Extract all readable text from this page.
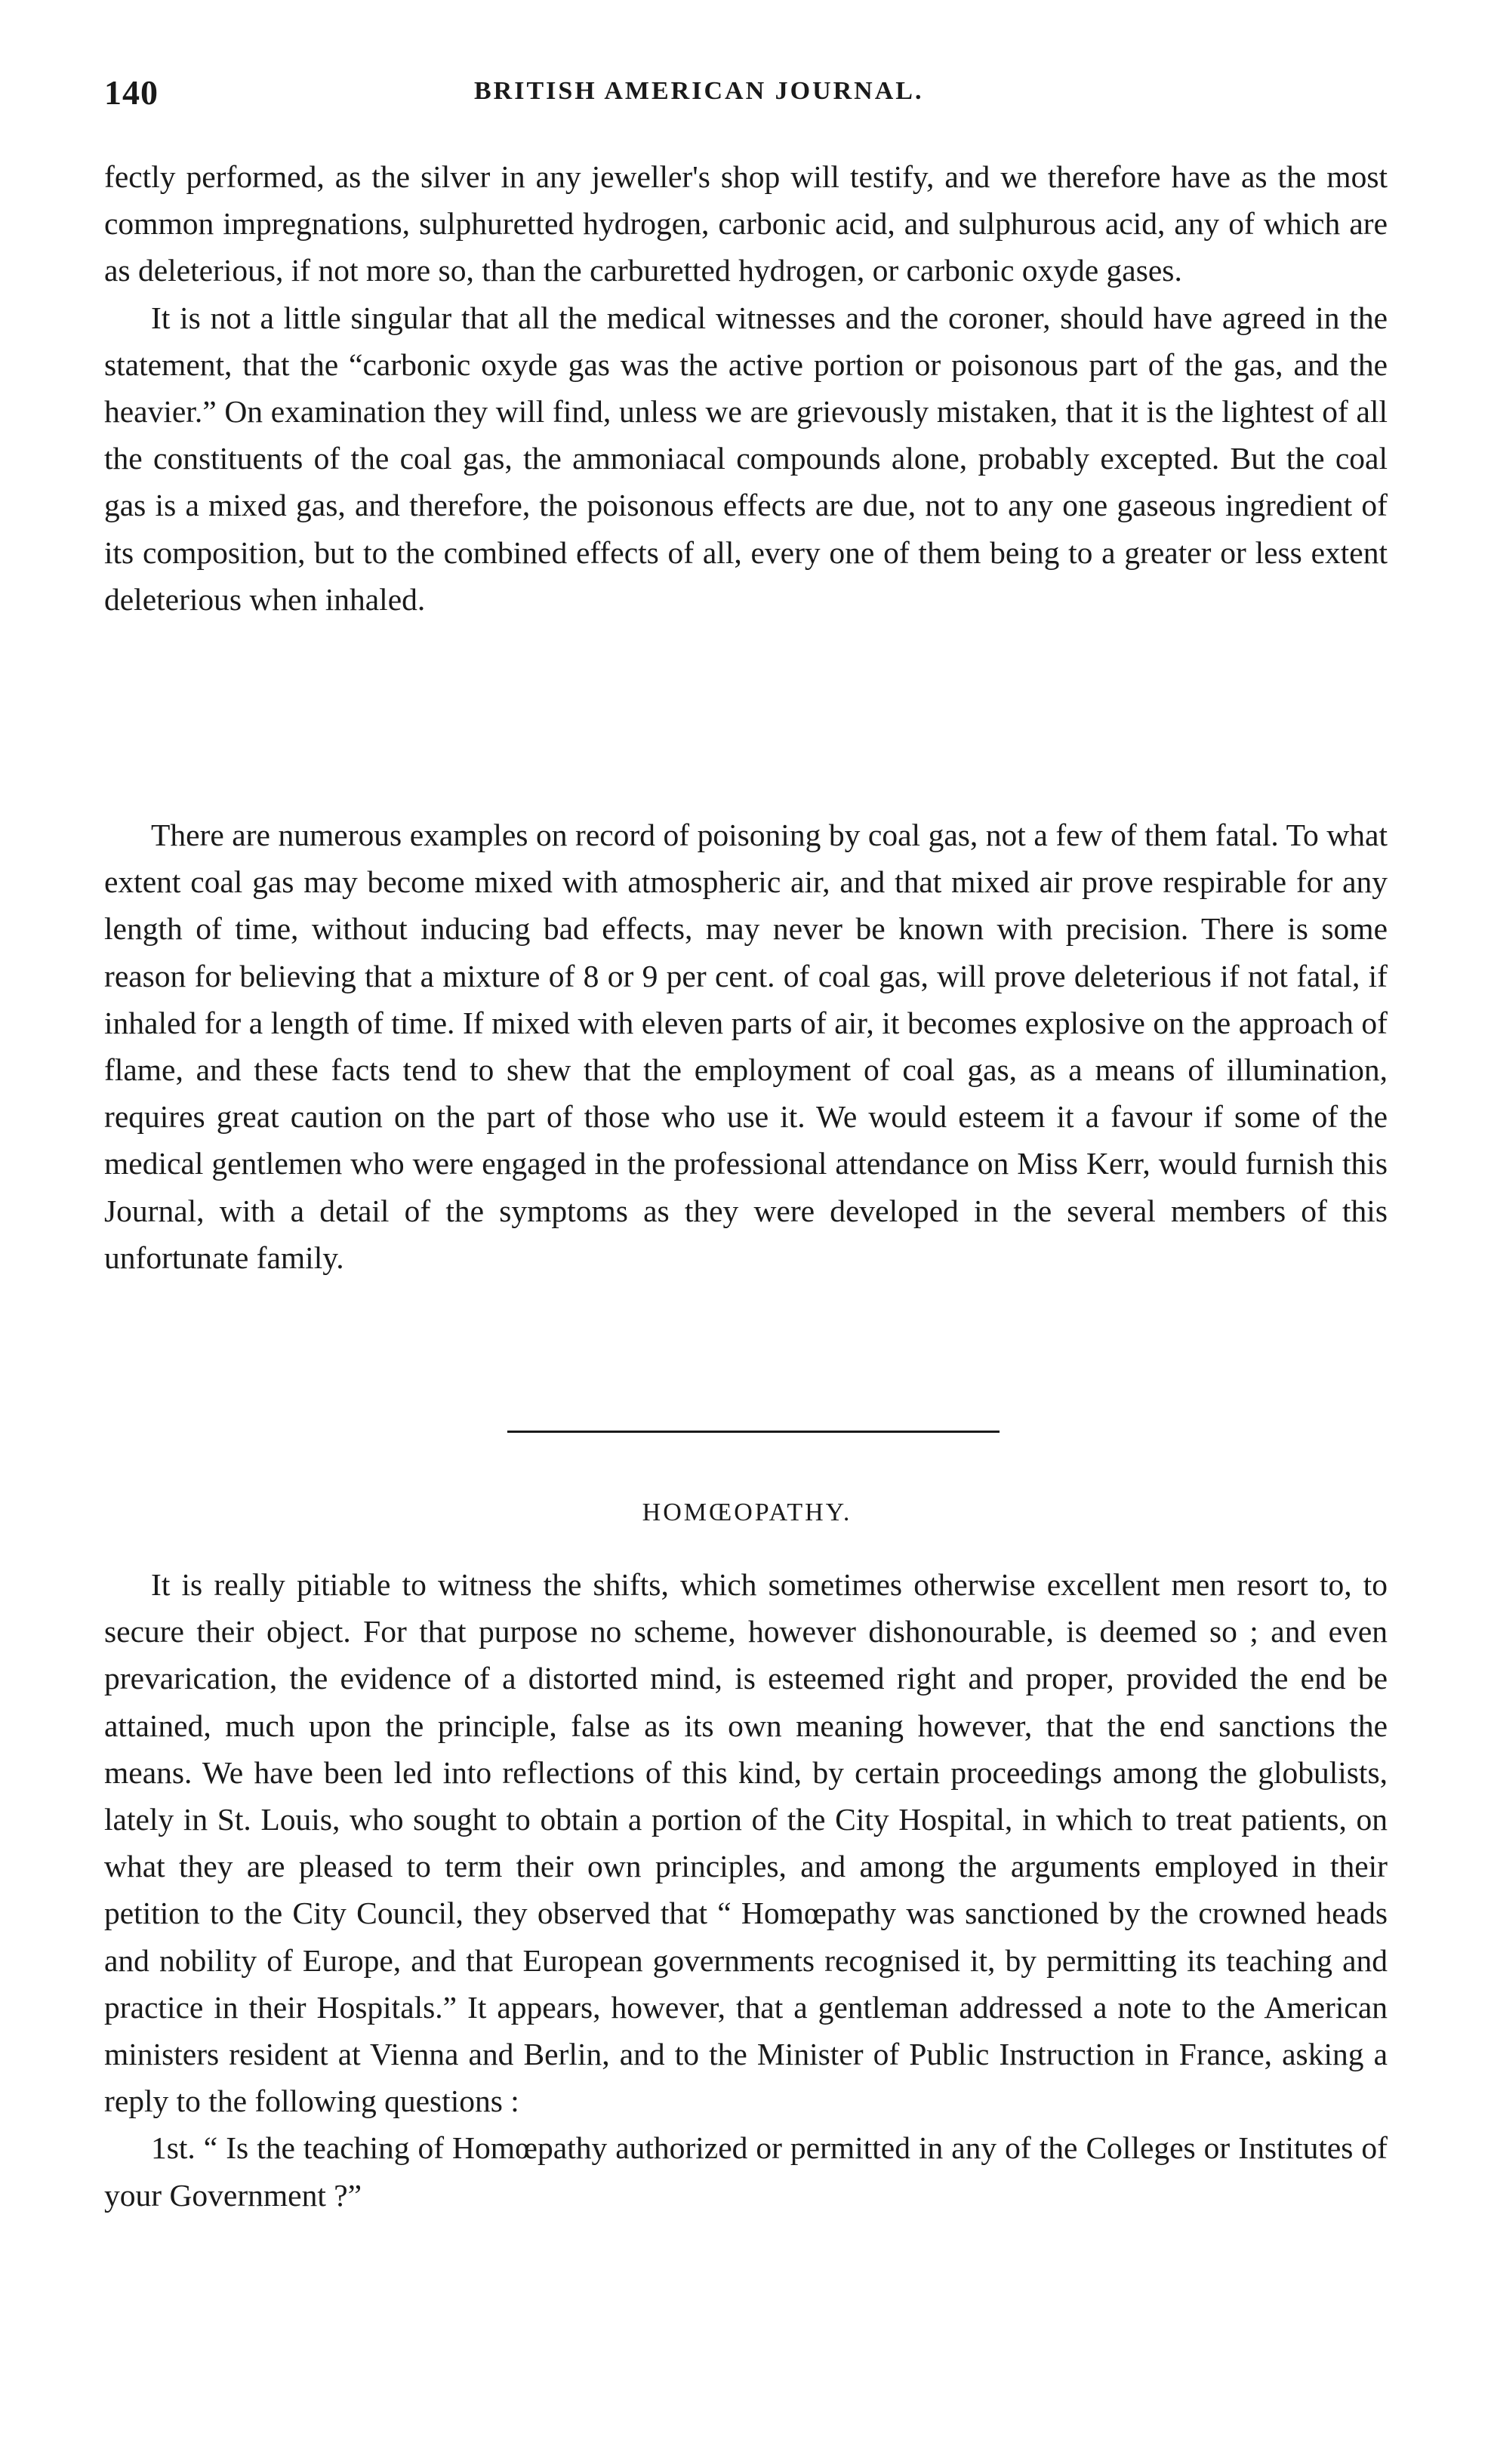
140	BRITISH AMERICAN JOURNAL.

fectly performed, as the silver in any jeweller's shop will testify, and we therefore have as the most common impregnations, sulphuretted hydrogen, carbonic acid, and sulphurous acid, any of which are as deleterious, if not more so, than the carburetted hydrogen, or carbonic oxyde gases.

It is not a little singular that all the medical witnesses and the coroner, should have agreed in the statement, that the “carbonic oxyde gas was the active portion or poisonous part of the gas, and the heavier.” On examination they will find, unless we are grievously mistaken, that it is the lightest of all the constituents of the coal gas, the ammoniacal compounds alone, probably excepted. But the coal gas is a mixed gas, and therefore, the poisonous effects are due, not to any one gaseous ingredient of its composition, but to the combined effects of all, every one of them being to a greater or less extent deleterious when inhaled.

There are numerous examples on record of poisoning by coal gas, not a few of them fatal. To what extent coal gas may become mixed with atmospheric air, and that mixed air prove respirable for any length of time, without inducing bad effects, may never be known with precision. There is some reason for believing that a mixture of 8 or 9 per cent. of coal gas, will prove deleterious if not fatal, if inhaled for a length of time. If mixed with eleven parts of air, it becomes explosive on the approach of flame, and these facts tend to shew that the employment of coal gas, as a means of illumination, requires great caution on the part of those who use it. We would esteem it a favour if some of the medical gentlemen who were engaged in the professional attendance on Miss Kerr, would furnish this Journal, with a detail of the symptoms as they were developed in the several members of this unfortunate family.

HOMŒOPATHY.

It is really pitiable to witness the shifts, which sometimes otherwise excellent men resort to, to secure their object. For that purpose no scheme, however dishonourable, is deemed so ; and even prevarication, the evidence of a distorted mind, is esteemed right and proper, provided the end be attained, much upon the principle, false as its own meaning however, that the end sanctions the means. We have been led into reflections of this kind, by certain proceedings among the globulists, lately in St. Louis, who sought to obtain a portion of the City Hospital, in which to treat patients, on what they are pleased to term their own principles, and among the arguments employed in their petition to the City Council, they observed that “ Homœpathy was sanctioned by the crowned heads and nobility of Europe, and that European governments recognised it, by permitting its teaching and practice in their Hospitals.” It appears, however, that a gentleman addressed a note to the American ministers resident at Vienna and Berlin, and to the Minister of Public Instruction in France, asking a reply to the following questions :

1st. “ Is the teaching of Homœpathy authorized or permitted in any of the Colleges or Institutes of your Government ?”
